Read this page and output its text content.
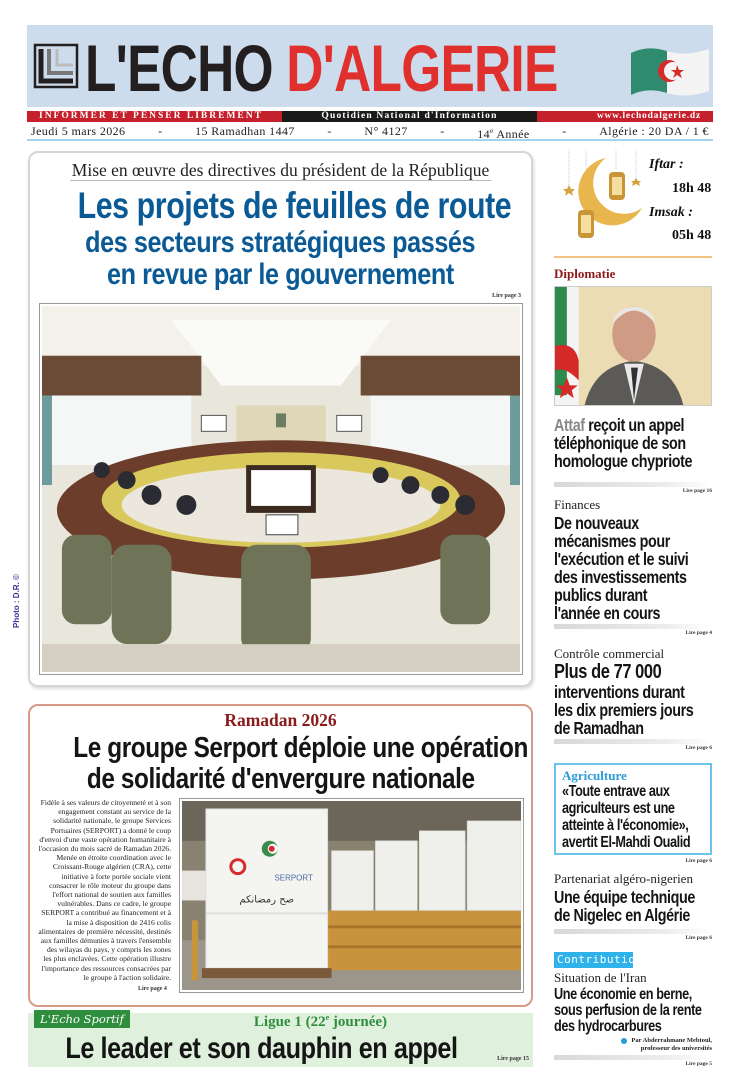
L'ECHO D'ALGERIE
INFORMER ET PENSER LIBREMENT	Quotidien National d'Information	www.lechodalgerie.dz
Jeudi 5 mars 2026	-	15 Ramadhan 1447	-	N° 4127	-	14e Année	-	Algérie : 20 DA / 1 €
Mise en œuvre des directives du président de la République
Les projets de feuilles de route
des secteurs stratégiques passés
en revue par le gouvernement
Lire page 3
Photo : D.R. ©
Iftar :
18h 48
Imsak :
05h 48
Diplomatie
Attaf reçoit un appel
téléphonique de son
homologue chypriote
Lire page 16
Finances
De nouveaux
mécanismes pour
l'exécution et le suivi
des investissements
publics durant
l'année en cours
Lire page 4
Contrôle commercial
Plus de 77 000
interventions durant
les dix premiers jours
de Ramadhan
Lire page 6
Agriculture
«Toute entrave aux
agriculteurs est une
atteinte à l'économie»,
avertit El-Mahdi Oualid
Lire page 6
Partenariat algéro-nigerien
Une équipe technique
de Nigelec en Algérie
Lire page 6
Contribution
Situation de l'Iran
Une économie en berne,
sous perfusion de la rente
des hydrocarbures
Par Abderrahmane Mebtoul,
professeur des universités
Lire page 5
Ramadan 2026
Le groupe Serport déploie une opération
de solidarité d'envergure nationale
Fidèle à ses valeurs de citoyenneté et à son engagement constant au service de la solidarité nationale, le groupe Services Portuaires (SERPORT) a donné le coup d'envoi d'une vaste opération humanitaire à l'occasion du mois sacré de Ramadan 2026. Menée en étroite coordination avec le Croissant-Rouge algérien (CRA), cette initiative à forte portée sociale vient consacrer le rôle moteur du groupe dans l'effort national de soutien aux familles vulnérables. Dans ce cadre, le groupe SERPORT a contribué au financement et à la mise à disposition de 2416 colis alimentaires de première nécessité, destinés aux familles démunies à travers l'ensemble des wilayas du pays, y compris les zones les plus enclavées. Cette opération illustre l'importance des ressources consacrées par le groupe à l'action solidaire.
Lire page 4
SERPORT
صح رمضانكم
L'Echo Sportif	Ligue 1 (22e journée)
Le leader et son dauphin en appel	Lire page 15
